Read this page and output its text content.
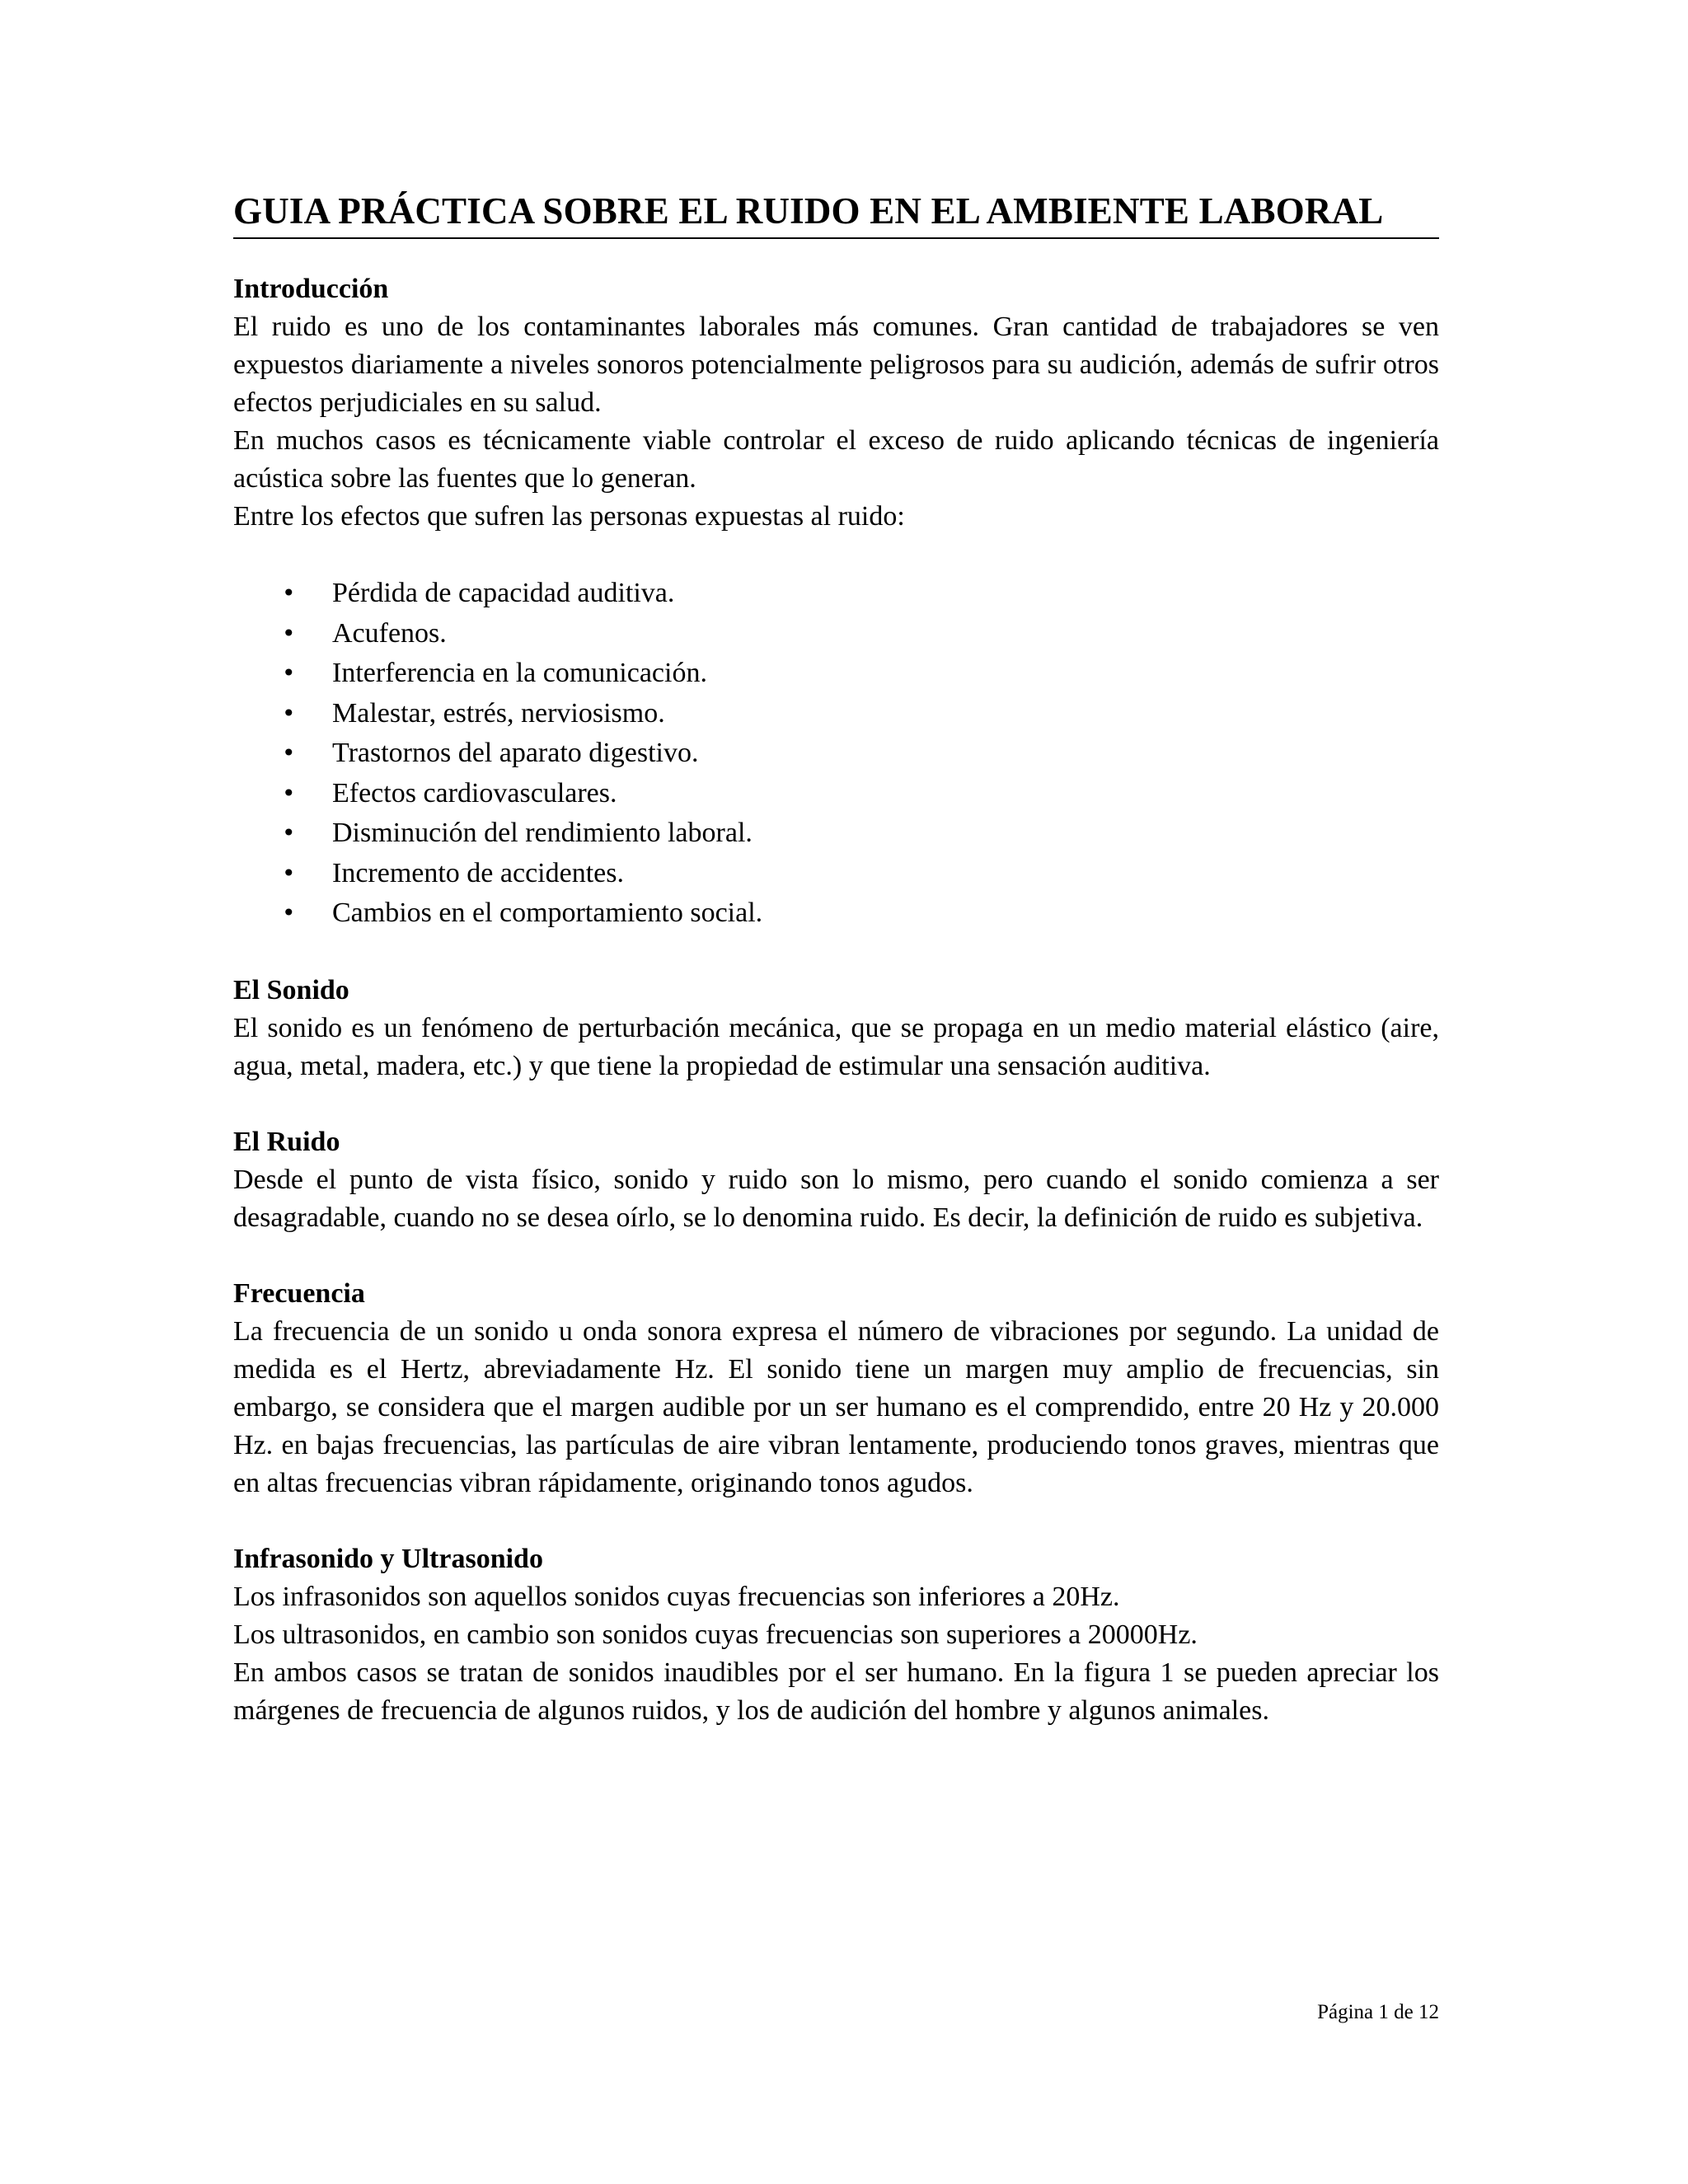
GUIA PRÁCTICA SOBRE EL RUIDO EN EL AMBIENTE LABORAL
Introducción

El ruido es uno de los contaminantes laborales más comunes. Gran cantidad de trabajadores se ven expuestos diariamente a niveles sonoros potencialmente peligrosos para su audición, además de sufrir otros efectos perjudiciales en su salud.

En muchos casos es técnicamente viable controlar el exceso de ruido aplicando técnicas de ingeniería acústica sobre las fuentes que lo generan.

Entre los efectos que sufren las personas expuestas al ruido:

• Pérdida de capacidad auditiva.
• Acufenos.
• Interferencia en la comunicación.
• Malestar, estrés, nerviosismo.
• Trastornos del aparato digestivo.
• Efectos cardiovasculares.
• Disminución del rendimiento laboral.
• Incremento de accidentes.
• Cambios en el comportamiento social.
El Sonido

El sonido es un fenómeno de perturbación mecánica, que se propaga en un medio material elástico (aire, agua, metal, madera, etc.) y que tiene la propiedad de estimular una sensación auditiva.

El Ruido

Desde el punto de vista físico, sonido y ruido son lo mismo, pero cuando el sonido comienza a ser desagradable, cuando no se desea oírlo, se lo denomina ruido. Es decir, la definición de ruido es subjetiva.

Frecuencia

La frecuencia de un sonido u onda sonora expresa el número de vibraciones por segundo. La unidad de medida es el Hertz, abreviadamente Hz. El sonido tiene un margen muy amplio de frecuencias, sin embargo, se considera que el margen audible por un ser humano es el comprendido, entre 20 Hz y 20.000 Hz. en bajas frecuencias, las partículas de aire vibran lentamente, produciendo tonos graves, mientras que en altas frecuencias vibran rápidamente, originando tonos agudos.

Infrasonido y Ultrasonido

Los infrasonidos son aquellos sonidos cuyas frecuencias son inferiores a 20Hz.

Los ultrasonidos, en cambio son sonidos cuyas frecuencias son superiores a 20000Hz.

En ambos casos se tratan de sonidos inaudibles por el ser humano. En la figura 1 se pueden apreciar los márgenes de frecuencia de algunos ruidos, y los de audición del hombre y algunos animales.

Página 1 de 12
